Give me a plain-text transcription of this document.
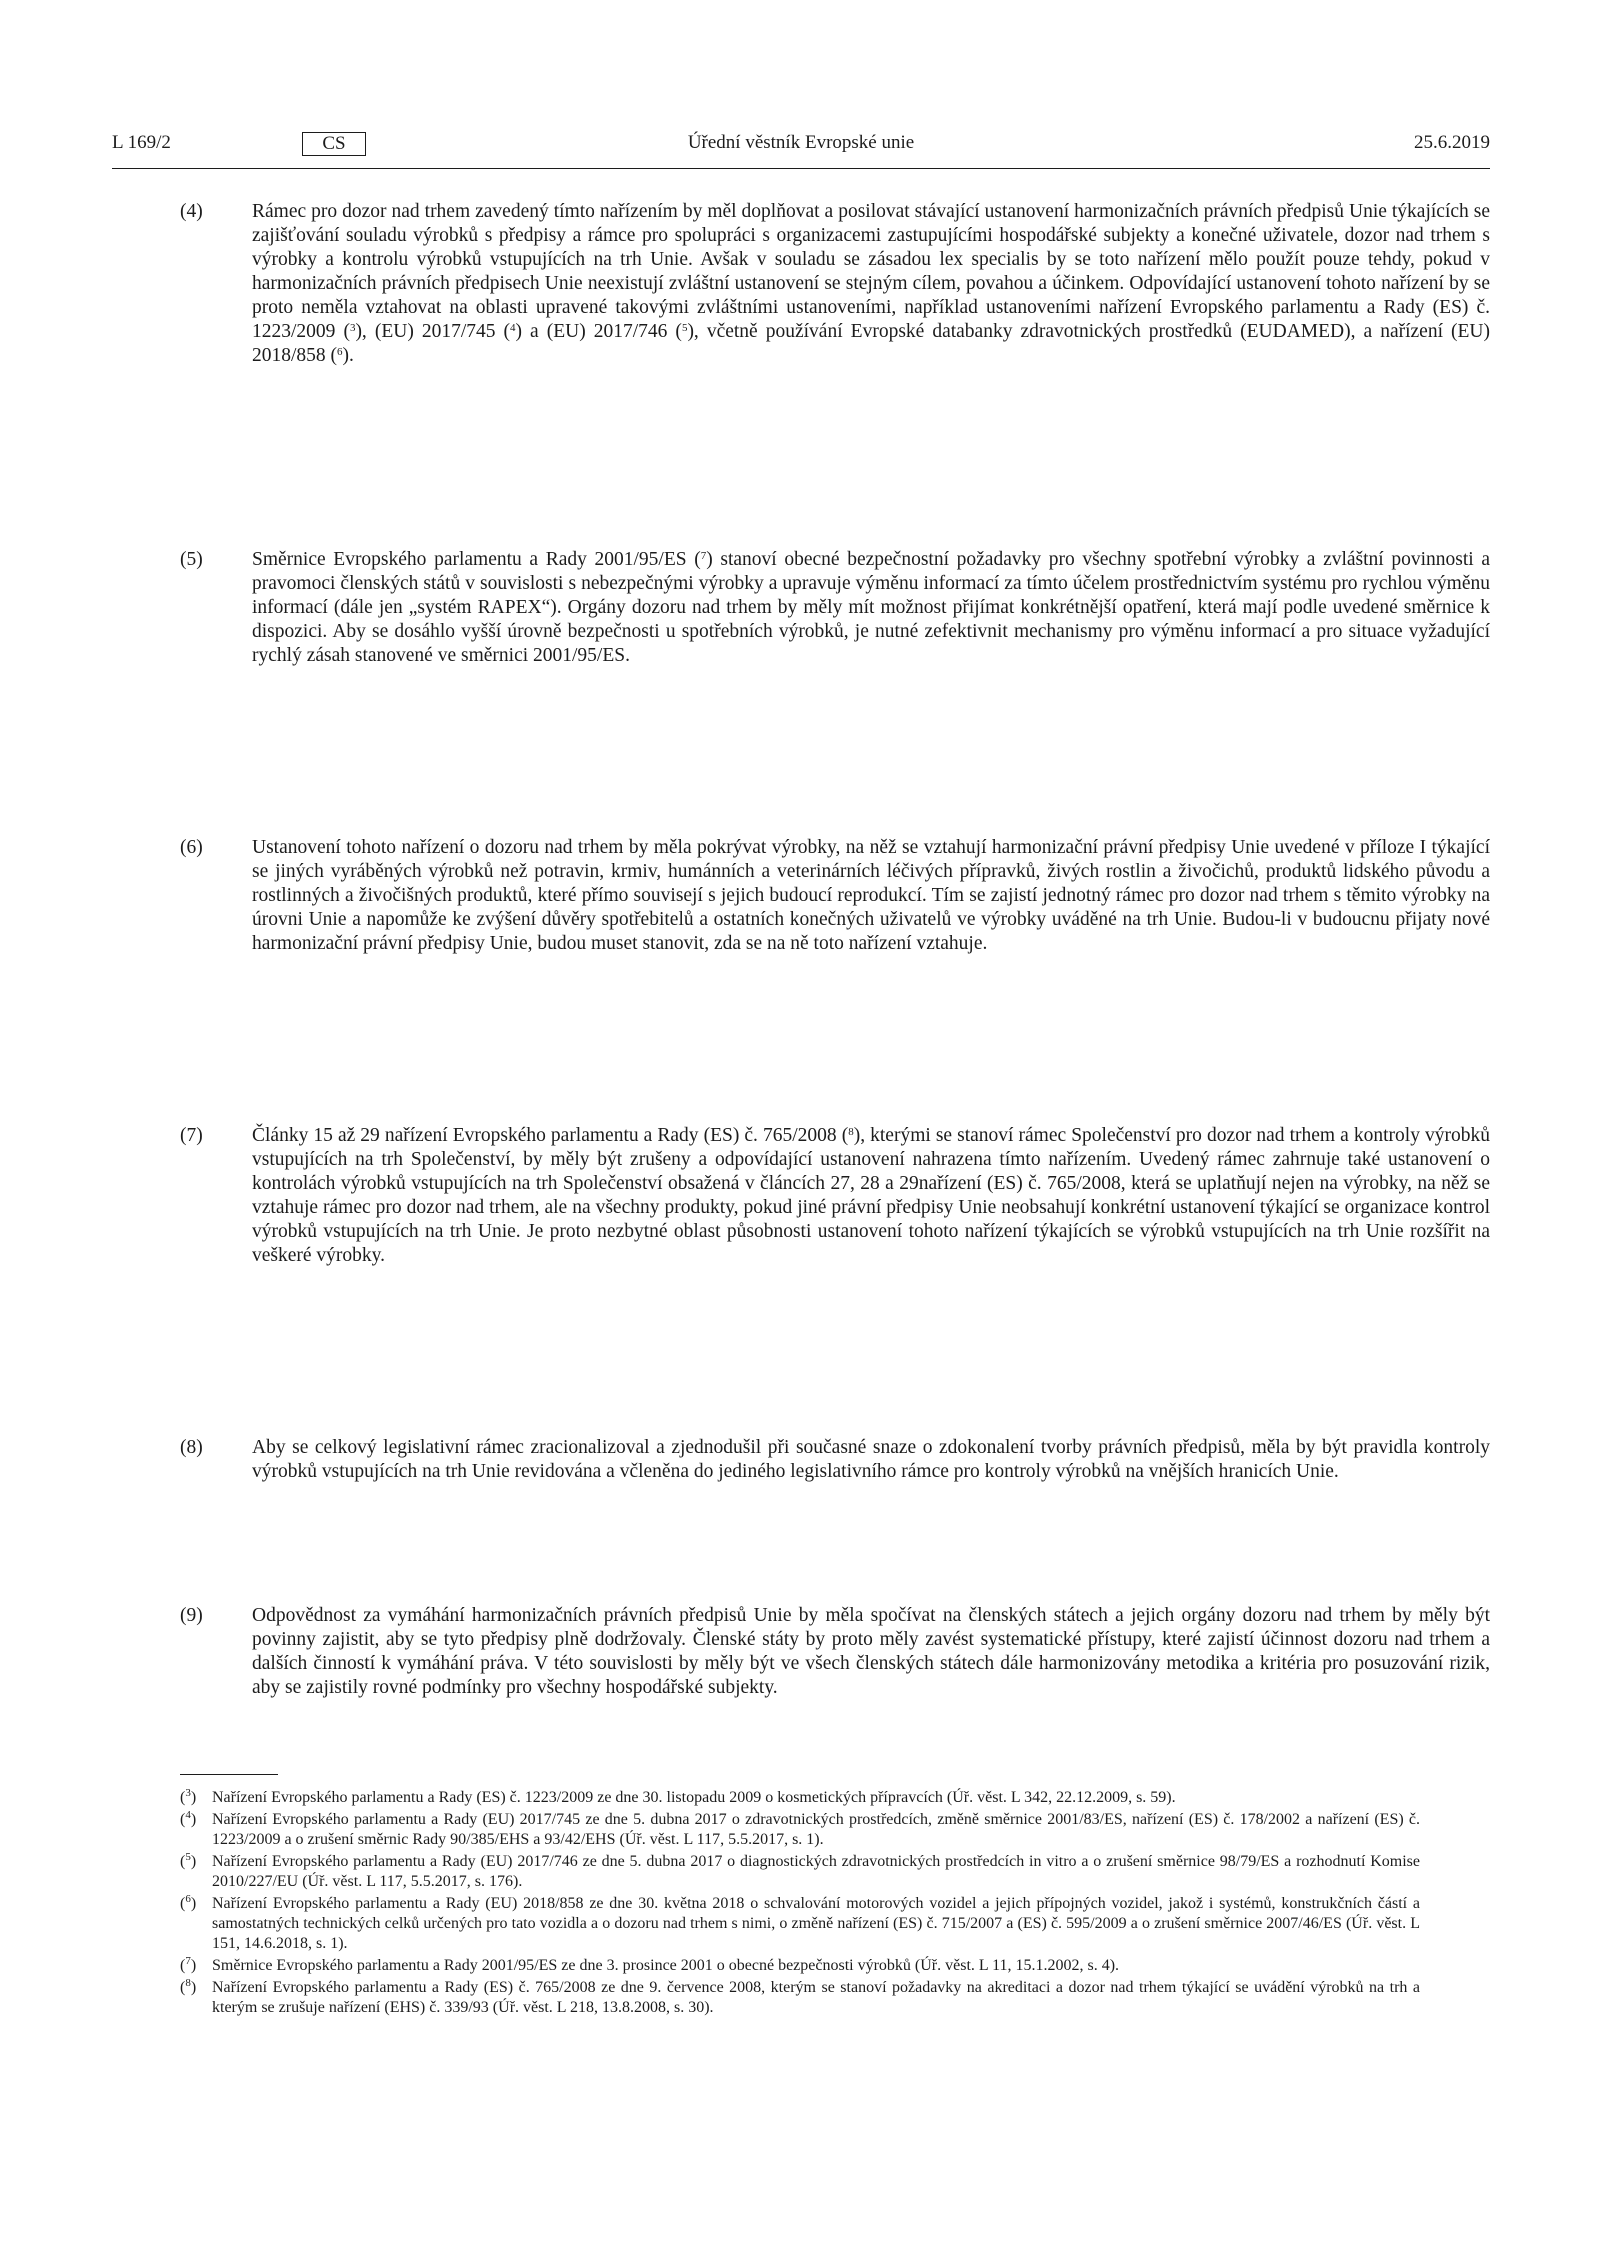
L 169/2	CS	Úřední věstník Evropské unie	25.6.2019
(4)	Rámec pro dozor nad trhem zavedený tímto nařízením by měl doplňovat a posilovat stávající ustanovení harmonizačních právních předpisů Unie týkajících se zajišťování souladu výrobků s předpisy a rámce pro spolupráci s organizacemi zastupujícími hospodářské subjekty a konečné uživatele, dozor nad trhem s výrobky a kontrolu výrobků vstupujících na trh Unie. Avšak v souladu se zásadou lex specialis by se toto nařízení mělo použít pouze tehdy, pokud v harmonizačních právních předpisech Unie neexistují zvláštní ustanovení se stejným cílem, povahou a účinkem. Odpovídající ustanovení tohoto nařízení by se proto neměla vztahovat na oblasti upravené takovými zvláštními ustanoveními, například ustanoveními nařízení Evropského parlamentu a Rady (ES) č. 1223/2009 ($^3$), (EU) 2017/745 ($^4$) a (EU) 2017/746 ($^5$), včetně používání Evropské databanky zdravotnických prostředků (EUDAMED), a nařízení (EU) 2018/858 ($^6$).
(5)	Směrnice Evropského parlamentu a Rady 2001/95/ES ($^7$) stanoví obecné bezpečnostní požadavky pro všechny spotřební výrobky a zvláštní povinnosti a pravomoci členských států v souvislosti s nebezpečnými výrobky a upravuje výměnu informací za tímto účelem prostřednictvím systému pro rychlou výměnu informací (dále jen „systém RAPEX“). Orgány dozoru nad trhem by měly mít možnost přijímat konkrétnější opatření, která mají podle uvedené směrnice k dispozici. Aby se dosáhlo vyšší úrovně bezpečnosti u spotřebních výrobků, je nutné zefektivnit mechanismy pro výměnu informací a pro situace vyžadující rychlý zásah stanovené ve směrnici 2001/95/ES.
(6)	Ustanovení tohoto nařízení o dozoru nad trhem by měla pokrývat výrobky, na něž se vztahují harmonizační právní předpisy Unie uvedené v příloze I týkající se jiných vyráběných výrobků než potravin, krmiv, humánních a veterinárních léčivých přípravků, živých rostlin a živočichů, produktů lidského původu a rostlinných a živočišných produktů, které přímo souvisejí s jejich budoucí reprodukcí. Tím se zajistí jednotný rámec pro dozor nad trhem s těmito výrobky na úrovni Unie a napomůže ke zvýšení důvěry spotřebitelů a ostatních konečných uživatelů ve výrobky uváděné na trh Unie. Budou-li v budoucnu přijaty nové harmonizační právní předpisy Unie, budou muset stanovit, zda se na ně toto nařízení vztahuje.
(7)	Články 15 až 29 nařízení Evropského parlamentu a Rady (ES) č. 765/2008 ($^8$), kterými se stanoví rámec Společenství pro dozor nad trhem a kontroly výrobků vstupujících na trh Společenství, by měly být zrušeny a odpovídající ustanovení nahrazena tímto nařízením. Uvedený rámec zahrnuje také ustanovení o kontrolách výrobků vstupujících na trh Společenství obsažená v článcích 27, 28 a 29nařízení (ES) č. 765/2008, která se uplatňují nejen na výrobky, na něž se vztahuje rámec pro dozor nad trhem, ale na všechny produkty, pokud jiné právní předpisy Unie neobsahují konkrétní ustanovení týkající se organizace kontrol výrobků vstupujících na trh Unie. Je proto nezbytné oblast působnosti ustanovení tohoto nařízení týkajících se výrobků vstupujících na trh Unie rozšířit na veškeré výrobky.
(8)	Aby se celkový legislativní rámec zracionalizoval a zjednodušil při současné snaze o zdokonalení tvorby právních předpisů, měla by být pravidla kontroly výrobků vstupujících na trh Unie revidována a včleněna do jediného legislativního rámce pro kontroly výrobků na vnějších hranicích Unie.
(9)	Odpovědnost za vymáhání harmonizačních právních předpisů Unie by měla spočívat na členských státech a jejich orgány dozoru nad trhem by měly být povinny zajistit, aby se tyto předpisy plně dodržovaly. Členské státy by proto měly zavést systematické přístupy, které zajistí účinnost dozoru nad trhem a dalších činností k vymáhání práva. V této souvislosti by měly být ve všech členských státech dále harmonizovány metodika a kritéria pro posuzování rizik, aby se zajistily rovné podmínky pro všechny hospodářské subjekty.
($^3$) Nařízení Evropského parlamentu a Rady (ES) č. 1223/2009 ze dne 30. listopadu 2009 o kosmetických přípravcích (Úř. věst. L 342, 22.12.2009, s. 59).
($^4$) Nařízení Evropského parlamentu a Rady (EU) 2017/745 ze dne 5. dubna 2017 o zdravotnických prostředcích, změně směrnice 2001/83/ES, nařízení (ES) č. 178/2002 a nařízení (ES) č. 1223/2009 a o zrušení směrnic Rady 90/385/EHS a 93/42/EHS (Úř. věst. L 117, 5.5.2017, s. 1).
($^5$) Nařízení Evropského parlamentu a Rady (EU) 2017/746 ze dne 5. dubna 2017 o diagnostických zdravotnických prostředcích in vitro a o zrušení směrnice 98/79/ES a rozhodnutí Komise 2010/227/EU (Úř. věst. L 117, 5.5.2017, s. 176).
($^6$) Nařízení Evropského parlamentu a Rady (EU) 2018/858 ze dne 30. května 2018 o schvalování motorových vozidel a jejich přípojných vozidel, jakož i systémů, konstrukčních částí a samostatných technických celků určených pro tato vozidla a o dozoru nad trhem s nimi, o změně nařízení (ES) č. 715/2007 a (ES) č. 595/2009 a o zrušení směrnice 2007/46/ES (Úř. věst. L 151, 14.6.2018, s. 1).
($^7$) Směrnice Evropského parlamentu a Rady 2001/95/ES ze dne 3. prosince 2001 o obecné bezpečnosti výrobků (Úř. věst. L 11, 15.1.2002, s. 4).
($^8$) Nařízení Evropského parlamentu a Rady (ES) č. 765/2008 ze dne 9. července 2008, kterým se stanoví požadavky na akreditaci a dozor nad trhem týkající se uvádění výrobků na trh a kterým se zrušuje nařízení (EHS) č. 339/93 (Úř. věst. L 218, 13.8.2008, s. 30).
